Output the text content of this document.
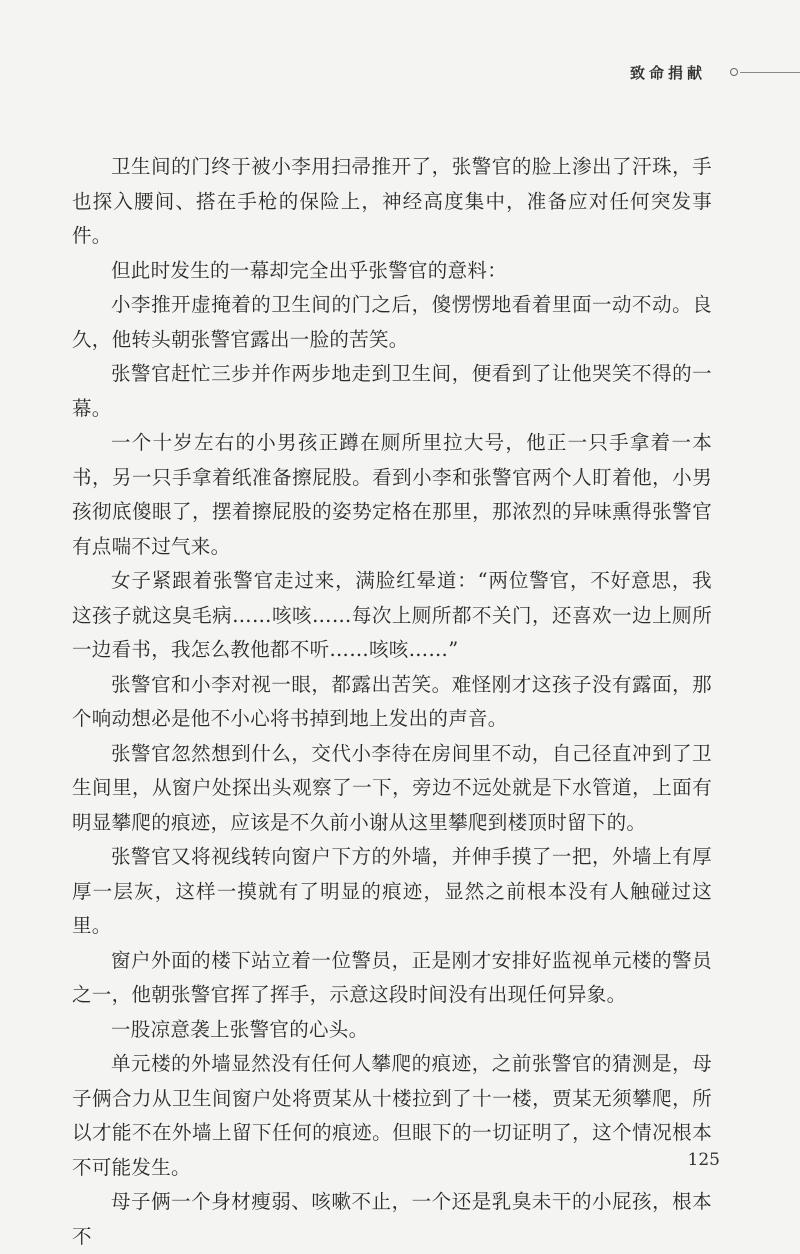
致命捐献

卫生间的门终于被小李用扫帚推开了，张警官的脸上渗出了汗珠，手也探入腰间、搭在手枪的保险上，神经高度集中，准备应对任何突发事件。

但此时发生的一幕却完全出乎张警官的意料：

小李推开虚掩着的卫生间的门之后，傻愣愣地看着里面一动不动。良久，他转头朝张警官露出一脸的苦笑。

张警官赶忙三步并作两步地走到卫生间，便看到了让他哭笑不得的一幕。

一个十岁左右的小男孩正蹲在厕所里拉大号，他正一只手拿着一本书，另一只手拿着纸准备擦屁股。看到小李和张警官两个人盯着他，小男孩彻底傻眼了，摆着擦屁股的姿势定格在那里，那浓烈的异味熏得张警官有点喘不过气来。

女子紧跟着张警官走过来，满脸红晕道：“两位警官，不好意思，我这孩子就这臭毛病……咳咳……每次上厕所都不关门，还喜欢一边上厕所一边看书，我怎么教他都不听……咳咳……”

张警官和小李对视一眼，都露出苦笑。难怪刚才这孩子没有露面，那个响动想必是他不小心将书掉到地上发出的声音。

张警官忽然想到什么，交代小李待在房间里不动，自己径直冲到了卫生间里，从窗户处探出头观察了一下，旁边不远处就是下水管道，上面有明显攀爬的痕迹，应该是不久前小谢从这里攀爬到楼顶时留下的。

张警官又将视线转向窗户下方的外墙，并伸手摸了一把，外墙上有厚厚一层灰，这样一摸就有了明显的痕迹，显然之前根本没有人触碰过这里。

窗户外面的楼下站立着一位警员，正是刚才安排好监视单元楼的警员之一，他朝张警官挥了挥手，示意这段时间没有出现任何异象。

一股凉意袭上张警官的心头。

单元楼的外墙显然没有任何人攀爬的痕迹，之前张警官的猜测是，母子俩合力从卫生间窗户处将贾某从十楼拉到了十一楼，贾某无须攀爬，所以才能不在外墙上留下任何的痕迹。但眼下的一切证明了，这个情况根本不可能发生。

母子俩一个身材瘦弱、咳嗽不止，一个还是乳臭未干的小屁孩，根本不

125
